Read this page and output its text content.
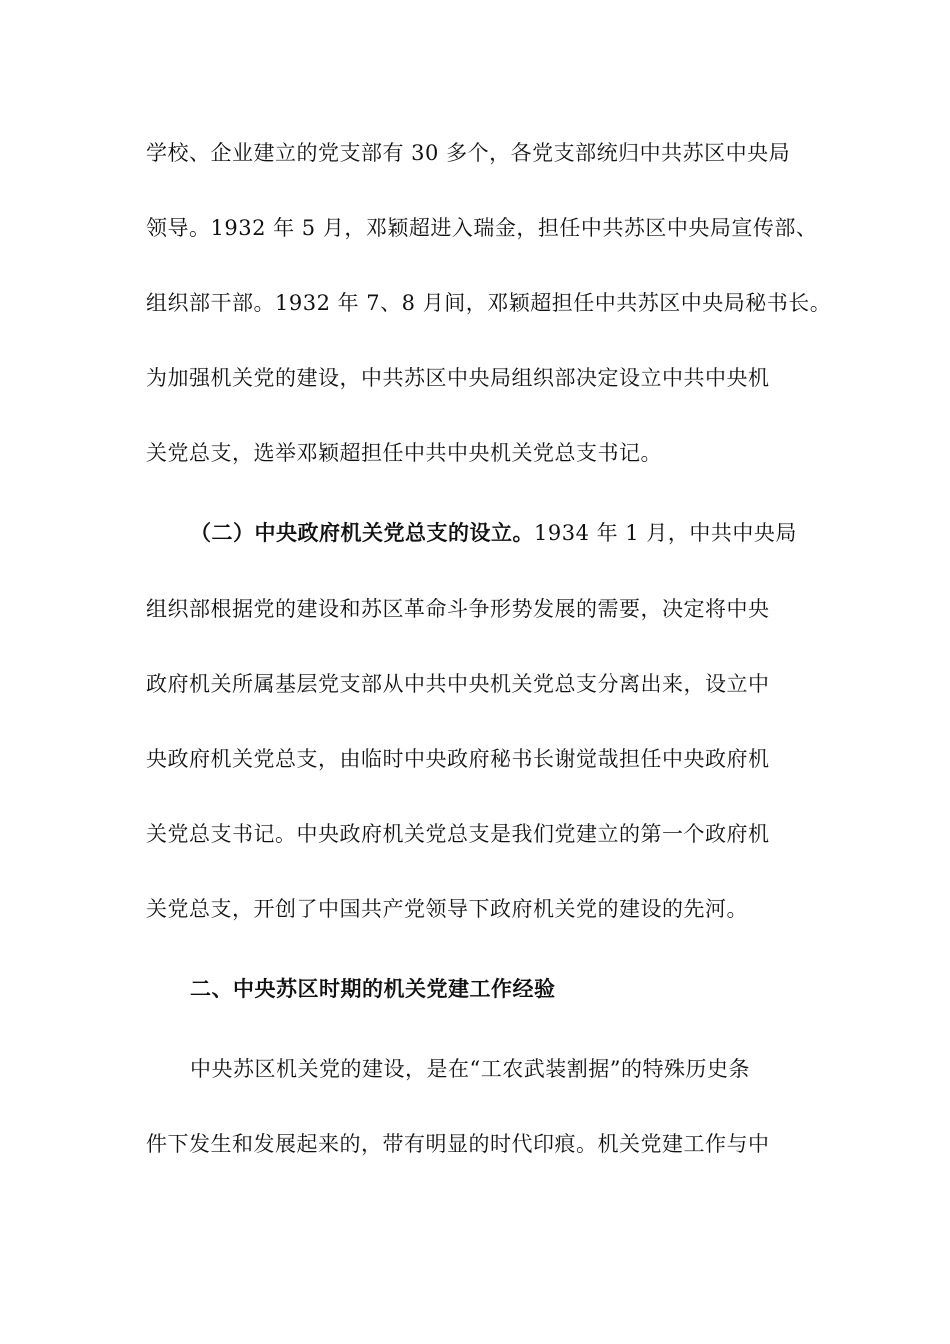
学校、企业建立的党支部有 30 多个，各党支部统归中共苏区中央局
领导。1932 年 5 月，邓颖超进入瑞金，担任中共苏区中央局宣传部、
组织部干部。1932 年 7、8 月间，邓颖超担任中共苏区中央局秘书长。
为加强机关党的建设，中共苏区中央局组织部决定设立中共中央机
关党总支，选举邓颖超担任中共中央机关党总支书记。
（二）中央政府机关党总支的设立。1934 年 1 月，中共中央局
组织部根据党的建设和苏区革命斗争形势发展的需要，决定将中央
政府机关所属基层党支部从中共中央机关党总支分离出来，设立中
央政府机关党总支，由临时中央政府秘书长谢觉哉担任中央政府机
关党总支书记。中央政府机关党总支是我们党建立的第一个政府机
关党总支，开创了中国共产党领导下政府机关党的建设的先河。
二、中央苏区时期的机关党建工作经验
中央苏区机关党的建设，是在“工农武装割据”的特殊历史条
件下发生和发展起来的，带有明显的时代印痕。机关党建工作与中
